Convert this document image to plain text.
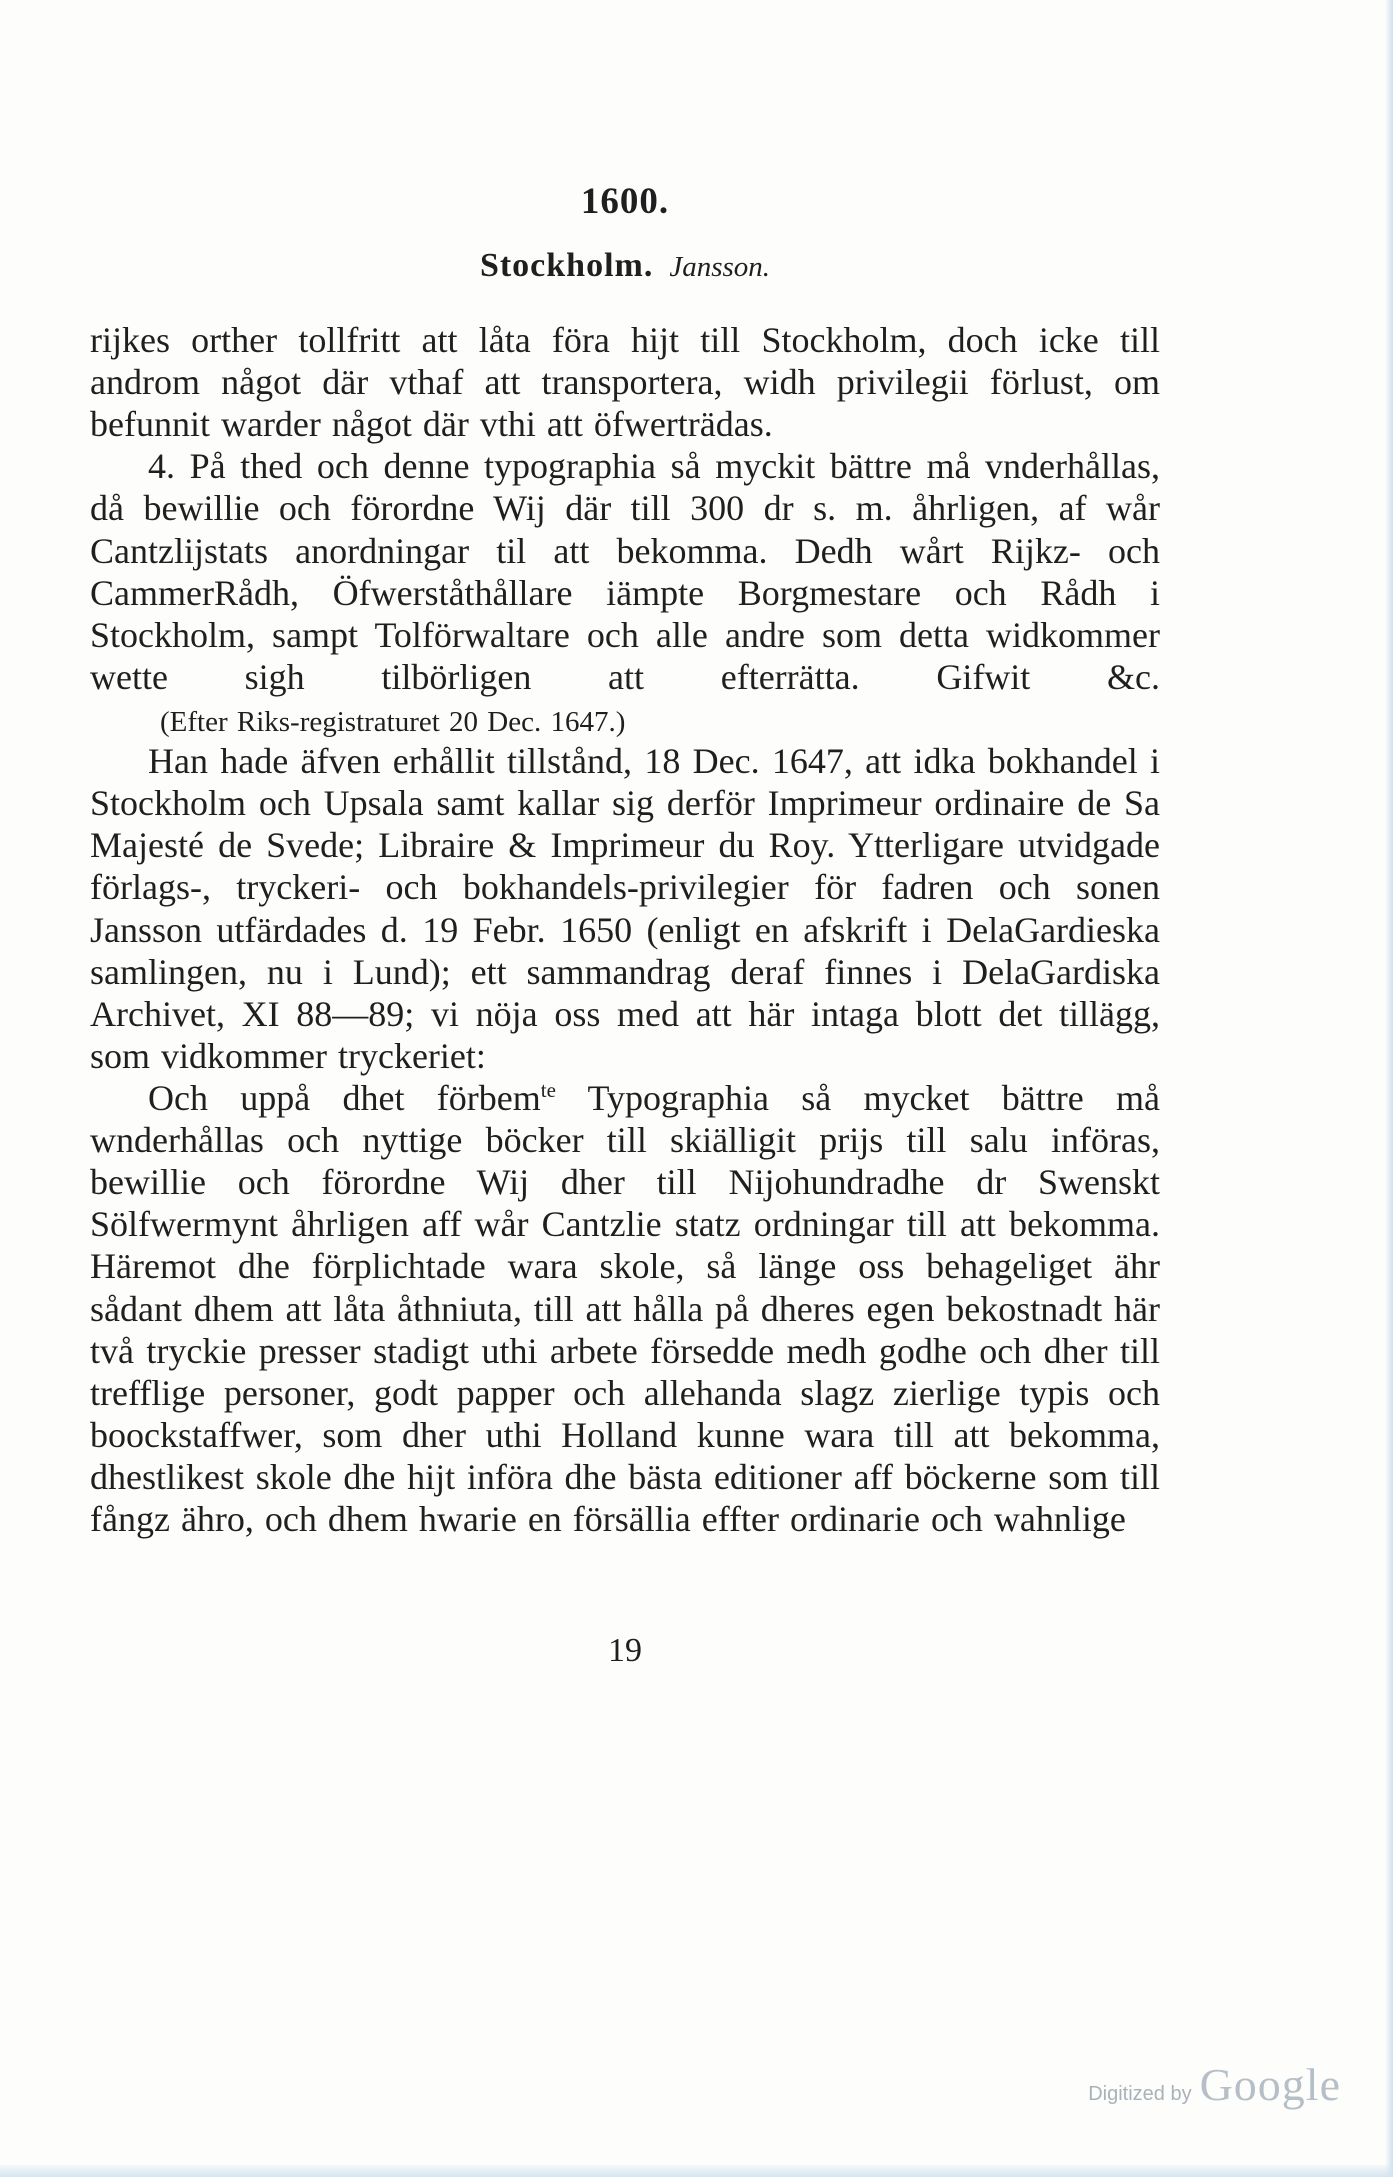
1600.
Stockholm. Jansson.

rijkes orther tollfritt att låta föra hijt till Stockholm, doch icke till androm något där vthaf att transportera, widh privilegii förlust, om befunnit warder något där vthi att öfwerträdas.

4. På thed och denne typographia så myckit bättre må vnderhållas, då bewillie och förordne Wij där till 300 dr s. m. åhrligen, af wår Cantzlijstats anordningar til att bekomma. Dedh wårt Rijkz- och CammerRådh, Öfwerståthållare iämpte Borgmestare och Rådh i Stockholm, sampt Tolförwaltare och alle andre som detta widkommer wette sigh tilbörligen att efterrätta. Gifwit &c.(Efter Riks-registraturet 20 Dec. 1647.)

Han hade äfven erhållit tillstånd, 18 Dec. 1647, att idka bokhandel i Stockholm och Upsala samt kallar sig derför Imprimeur ordinaire de Sa Majesté de Svede; Libraire & Imprimeur du Roy. Ytterligare utvidgade förlags-, tryckeri- och bokhandels-privilegier för fadren och sonen Jansson utfärdades d. 19 Febr. 1650 (enligt en afskrift i DelaGardieska samlingen, nu i Lund); ett sammandrag deraf finnes i DelaGardiska Archivet, XI 88—89; vi nöja oss med att här intaga blott det tillägg, som vidkommer tryckeriet:

Och uppå dhet förbem$^{te}$ Typographia så mycket bättre må wnderhållas och nyttige böcker till skiälligit prijs till salu införas, bewillie och förordne Wij dher till Nijohundradhe dr Swenskt Sölfwermynt åhrligen aff wår Cantzlie statz ordningar till att bekomma. Häremot dhe förplichtade wara skole, så länge oss behageliget ähr sådant dhem att låta åthniuta, till att hålla på dheres egen bekostnadt här två tryckie presser stadigt uthi arbete försedde medh godhe och dher till trefflige personer, godt papper och allehanda slagz zierlige typis och boockstaffwer, som dher uthi Holland kunne wara till att bekomma, dhestlikest skole dhe hijt införa dhe bästa editioner aff böckerne som till fångz ähro, och dhem hwarie en försällia effter ordinarie och wahnlige

19
Digitized by Google
